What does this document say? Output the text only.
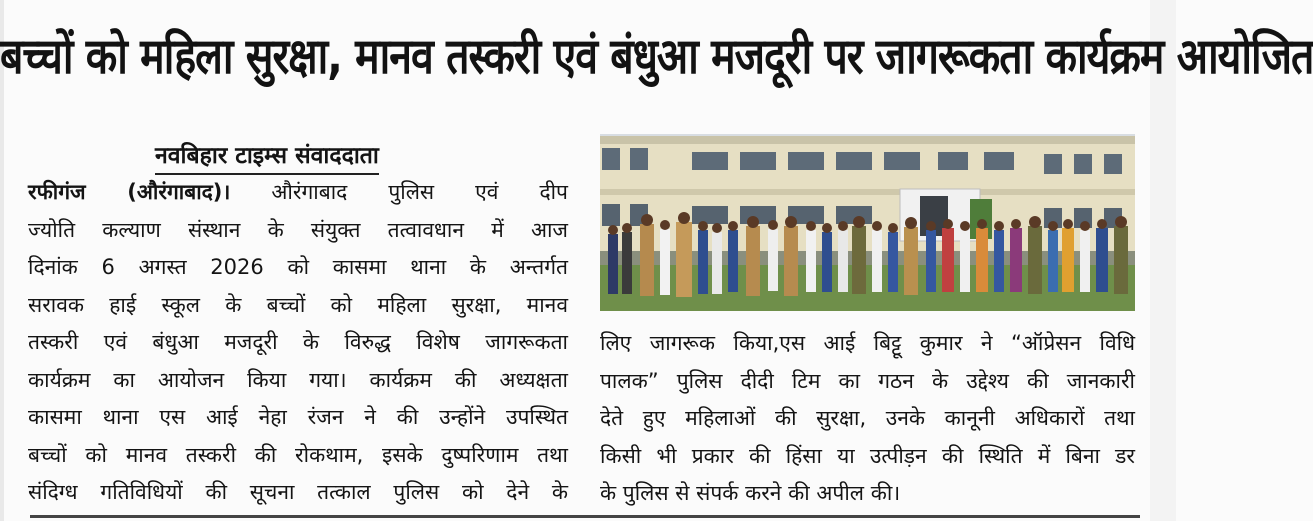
बच्चों को महिला सुरक्षा, मानव तस्करी एवं बंधुआ मजदूरी पर जागरूकता कार्यक्रम आयोजित
नवबिहार टाइम्स संवाददाता
रफीगंज (औरंगाबाद)। औरंगाबाद पुलिस एवं दीप
ज्योति कल्याण संस्थान के संयुक्त तत्वावधान में आज
दिनांक 6 अगस्त 2026 को कासमा थाना के अन्तर्गत
सरावक हाई स्कूल के बच्चों को महिला सुरक्षा, मानव
तस्करी एवं बंधुआ मजदूरी के विरुद्ध विशेष जागरूकता
कार्यक्रम का आयोजन किया गया। कार्यक्रम की अध्यक्षता
कासमा थाना एस आई नेहा रंजन ने की उन्होंने उपस्थित
बच्चों को मानव तस्करी की रोकथाम, इसके दुष्परिणाम तथा
संदिग्ध गतिविधियों की सूचना तत्काल पुलिस को देने के
लिए जागरूक किया,एस आई बिट्टू कुमार ने “ऑप्रेसन विधि
पालक” पुलिस दीदी टिम का गठन के उद्देश्य की जानकारी
देते हुए महिलाओं की सुरक्षा, उनके कानूनी अधिकारों तथा
किसी भी प्रकार की हिंसा या उत्पीड़न की स्थिति में बिना डर
के पुलिस से संपर्क करने की अपील की।
